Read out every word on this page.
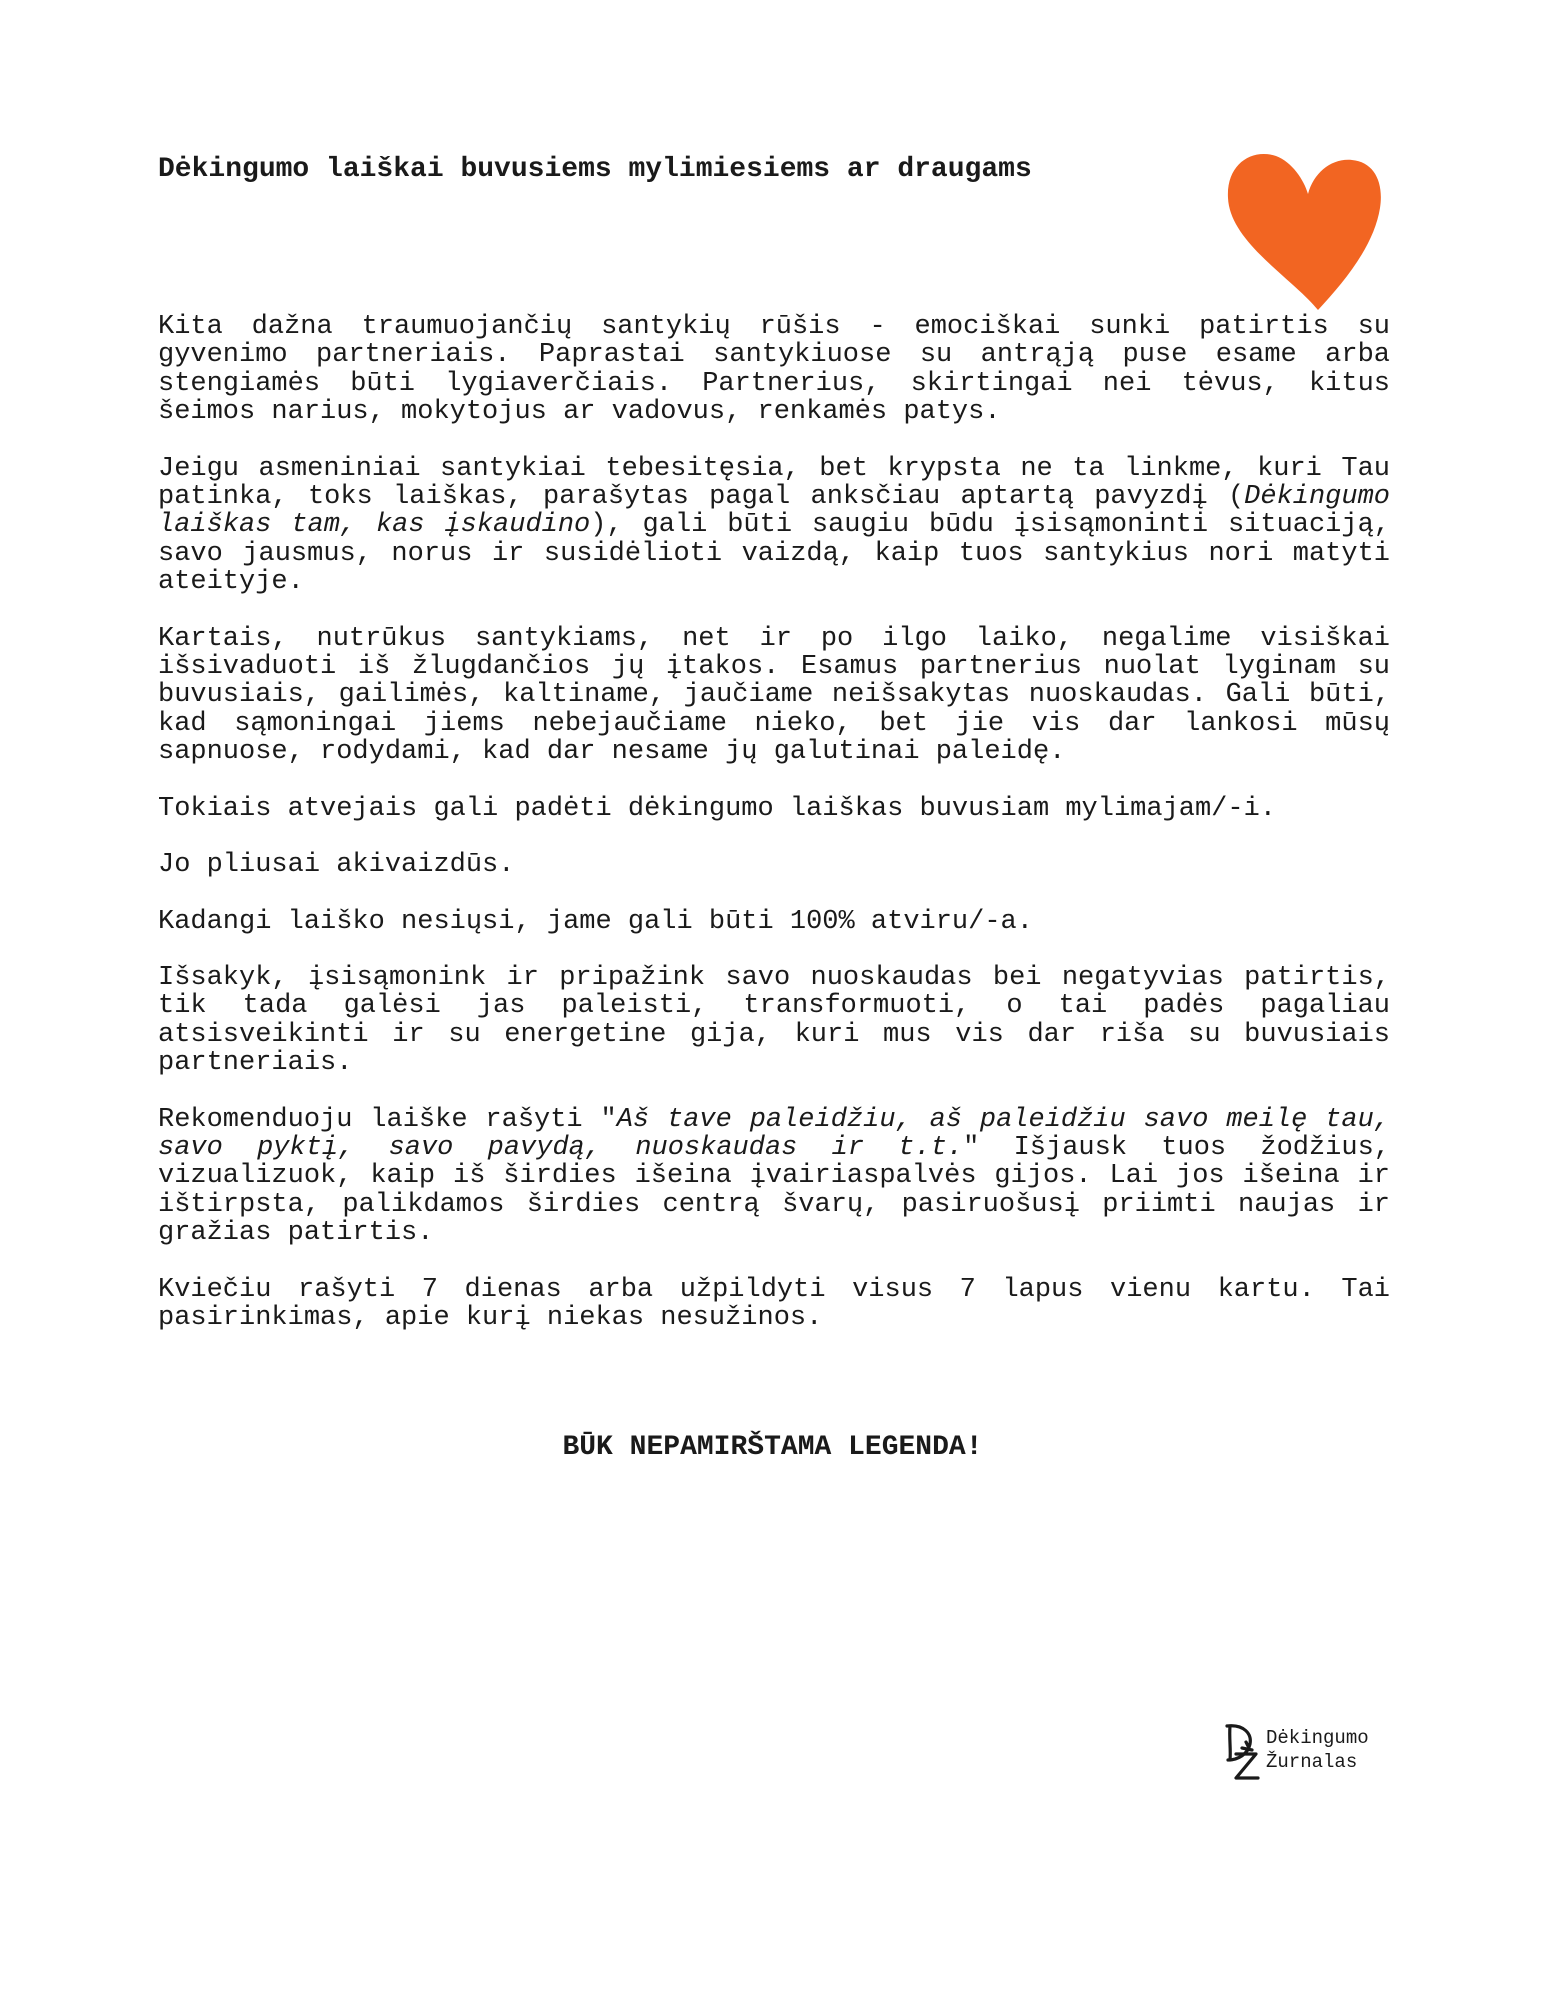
Dėkingumo laiškai buvusiems mylimiesiems ar draugams

Kita dažna traumuojančių santykių rūšis - emociškai sunki patirtis su gyvenimo partneriais. Paprastai santykiuose su antrąją puse esame arba stengiamės būti lygiaverčiais. Partnerius, skirtingai nei tėvus, kitus šeimos narius, mokytojus ar vadovus, renkamės patys.

Jeigu asmeniniai santykiai tebesitęsia, bet krypsta ne ta linkme, kuri Tau patinka, toks laiškas, parašytas pagal anksčiau aptartą pavyzdį (Dėkingumo laiškas tam, kas įskaudino), gali būti saugiu būdu įsisąmoninti situaciją, savo jausmus, norus ir susidėlioti vaizdą, kaip tuos santykius nori matyti ateityje.

Kartais, nutrūkus santykiams, net ir po ilgo laiko, negalime visiškai išsivaduoti iš žlugdančios jų įtakos. Esamus partnerius nuolat lyginam su buvusiais, gailimės, kaltiname, jaučiame neišsakytas nuoskaudas. Gali būti, kad sąmoningai jiems nebejaučiame nieko, bet jie vis dar lankosi mūsų sapnuose, rodydami, kad dar nesame jų galutinai paleidę.

Tokiais atvejais gali padėti dėkingumo laiškas buvusiam mylimajam/-i.

Jo pliusai akivaizdūs.

Kadangi laiško nesiųsi, jame gali būti 100% atviru/-a.

Išsakyk, įsisąmonink ir pripažink savo nuoskaudas bei negatyvias patirtis, tik tada galėsi jas paleisti, transformuoti, o tai padės pagaliau atsisveikinti ir su energetine gija, kuri mus vis dar riša su buvusiais partneriais.

Rekomenduoju laiške rašyti "Aš tave paleidžiu, aš paleidžiu savo meilę tau, savo pyktį, savo pavydą, nuoskaudas ir t.t." Išjausk tuos žodžius, vizualizuok, kaip iš širdies išeina įvairiaspalvės gijos. Lai jos išeina ir ištirpsta, palikdamos širdies centrą švarų, pasiruošusį priimti naujas ir gražias patirtis.

Kviečiu rašyti 7 dienas arba užpildyti visus 7 lapus vienu kartu. Tai pasirinkimas, apie kurį niekas nesužinos.

BŪK NEPAMIRŠTAMA LEGENDA!

Dėkingumo
Žurnalas
